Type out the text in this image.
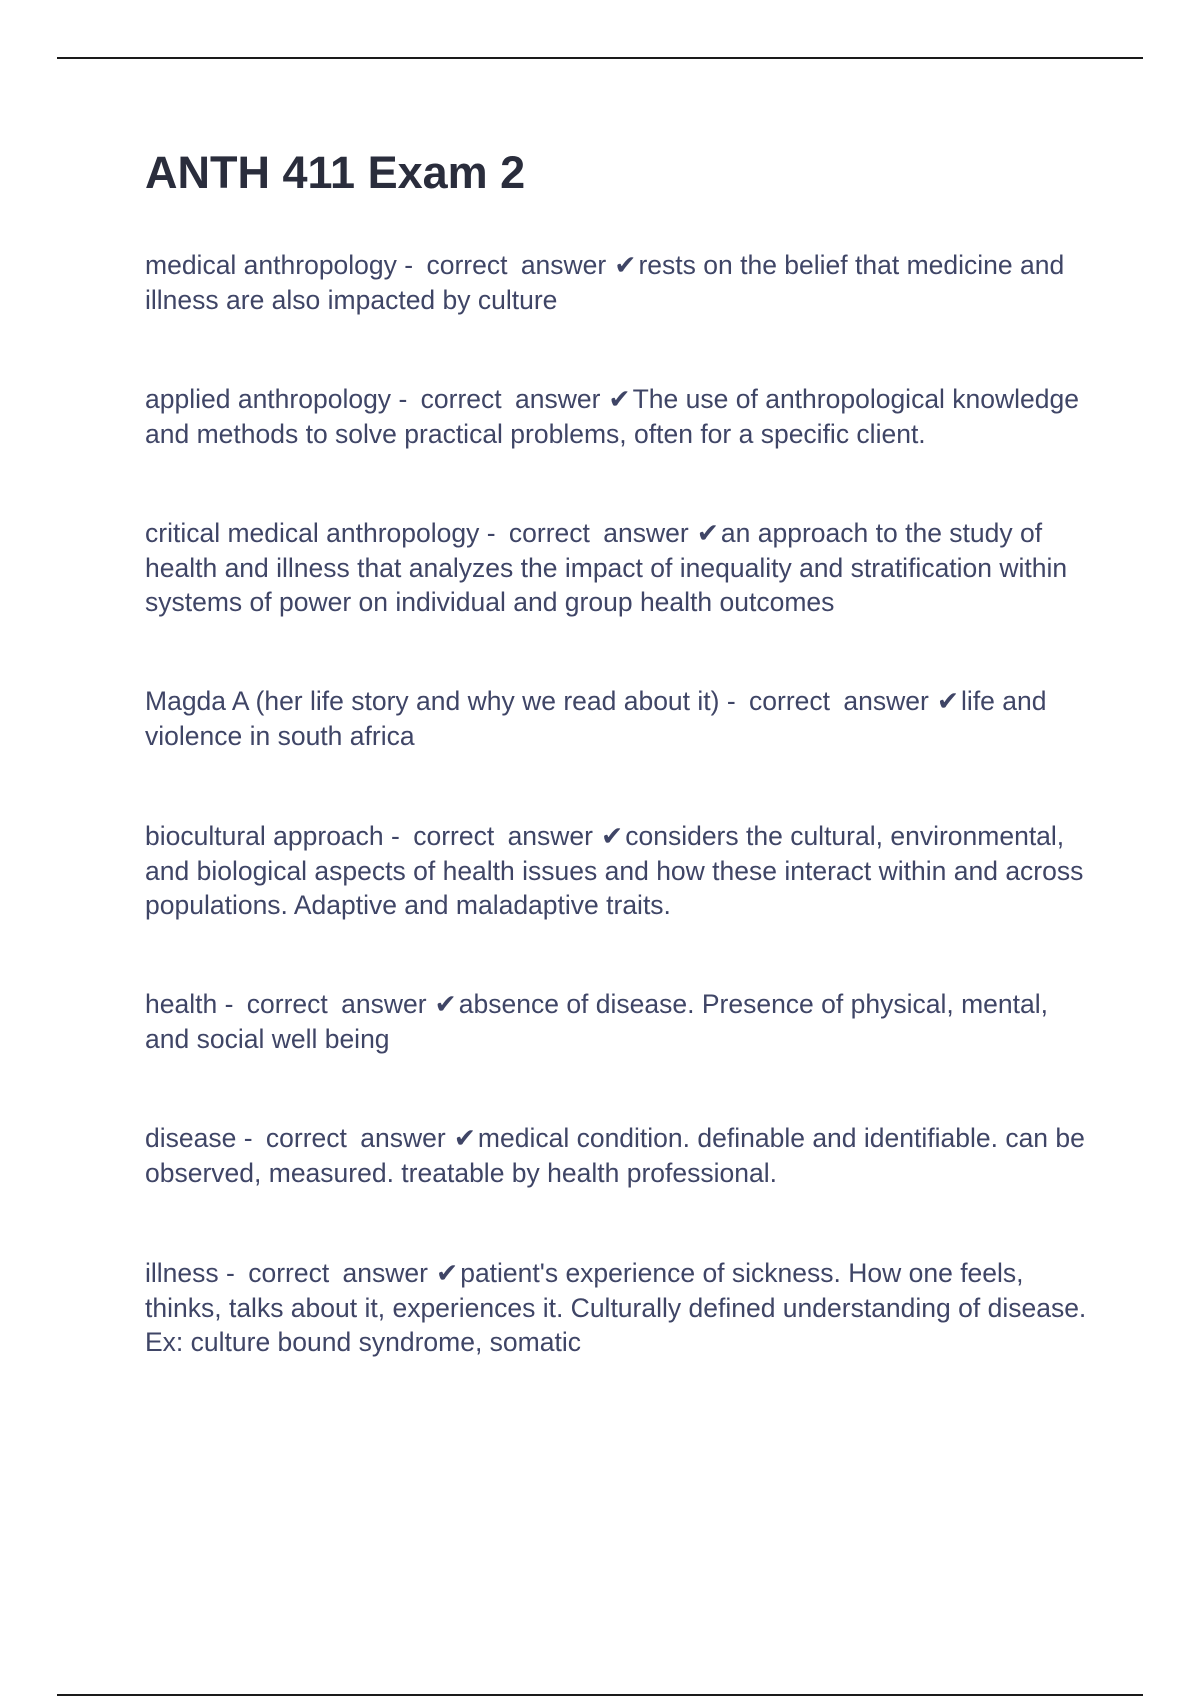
ANTH 411 Exam 2
medical anthropology - correct answer ✔rests on the belief that medicine and illness are also impacted by culture
applied anthropology - correct answer ✔The use of anthropological knowledge and methods to solve practical problems, often for a specific client.
critical medical anthropology - correct answer ✔an approach to the study of health and illness that analyzes the impact of inequality and stratification within systems of power on individual and group health outcomes
Magda A (her life story and why we read about it) - correct answer ✔life and violence in south africa
biocultural approach - correct answer ✔considers the cultural, environmental, and biological aspects of health issues and how these interact within and across populations. Adaptive and maladaptive traits.
health - correct answer ✔absence of disease. Presence of physical, mental, and social well being
disease - correct answer ✔medical condition. definable and identifiable. can be observed, measured. treatable by health professional.
illness - correct answer ✔patient's experience of sickness. How one feels, thinks, talks about it, experiences it. Culturally defined understanding of disease. Ex: culture bound syndrome, somatic
